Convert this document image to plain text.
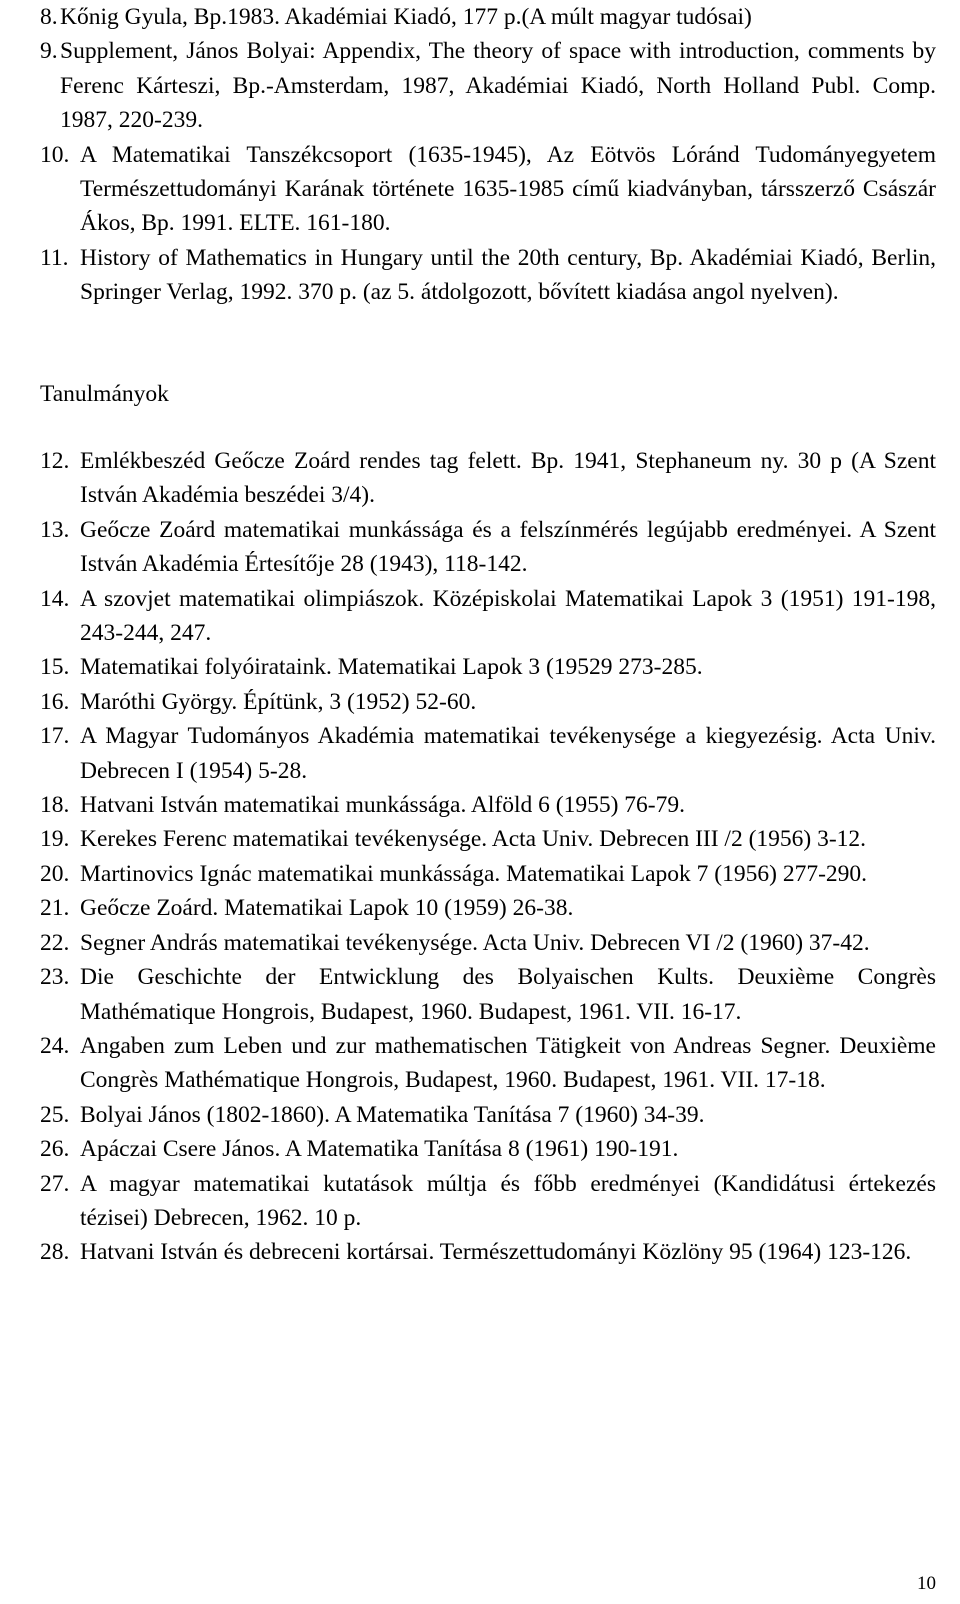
8. Kőnig Gyula, Bp.1983. Akadémiai Kiadó, 177 p.(A múlt magyar tudósai)
9. Supplement, János Bolyai: Appendix, The theory of space with introduction, comments by Ferenc Kárteszi, Bp.-Amsterdam, 1987, Akadémiai Kiadó, North Holland Publ. Comp. 1987, 220-239.
10. A Matematikai Tanszékcsoport (1635-1945), Az Eötvös Lóránd Tudományegyetem Természettudományi Karának története 1635-1985 című kiadványban, társszerző Császár Ákos, Bp. 1991. ELTE. 161-180.
11. History of Mathematics in Hungary until the 20th century, Bp. Akadémiai Kiadó, Berlin, Springer Verlag, 1992. 370 p. (az 5. átdolgozott, bővített kiadása angol nyelven).
Tanulmányok
12. Emlékbeszéd Geőcze Zoárd rendes tag felett. Bp. 1941, Stephaneum ny. 30 p (A Szent István Akadémia beszédei 3/4).
13. Geőcze Zoárd matematikai munkássága és a felszínmérés legújabb eredményei. A Szent István Akadémia Értesítője 28 (1943), 118-142.
14. A szovjet matematikai olimpiászok. Középiskolai Matematikai Lapok 3 (1951) 191-198, 243-244, 247.
15. Matematikai folyóirataink. Matematikai Lapok 3 (19529 273-285.
16. Maróthi György. Építünk, 3 (1952) 52-60.
17. A Magyar Tudományos Akadémia matematikai tevékenysége a kiegyezésig. Acta Univ. Debrecen I (1954) 5-28.
18. Hatvani István matematikai munkássága. Alföld 6 (1955) 76-79.
19. Kerekes Ferenc matematikai tevékenysége. Acta Univ. Debrecen III /2 (1956) 3-12.
20. Martinovics Ignác matematikai munkássága. Matematikai Lapok 7 (1956) 277-290.
21. Geőcze Zoárd. Matematikai Lapok 10 (1959) 26-38.
22. Segner András matematikai tevékenysége. Acta Univ. Debrecen VI /2 (1960) 37-42.
23. Die Geschichte der Entwicklung des Bolyaischen Kults. Deuxième Congrès Mathématique Hongrois, Budapest, 1960. Budapest, 1961. VII. 16-17.
24. Angaben zum Leben und zur mathematischen Tätigkeit von Andreas Segner. Deuxième Congrès Mathématique Hongrois, Budapest, 1960. Budapest, 1961. VII. 17-18.
25. Bolyai János (1802-1860). A Matematika Tanítása 7 (1960) 34-39.
26. Apáczai Csere János. A Matematika Tanítása 8 (1961) 190-191.
27. A magyar matematikai kutatások múltja és főbb eredményei (Kandidátusi értekezés tézisei) Debrecen, 1962. 10 p.
28. Hatvani István és debreceni kortársai. Természettudományi Közlöny 95 (1964) 123-126.
10
